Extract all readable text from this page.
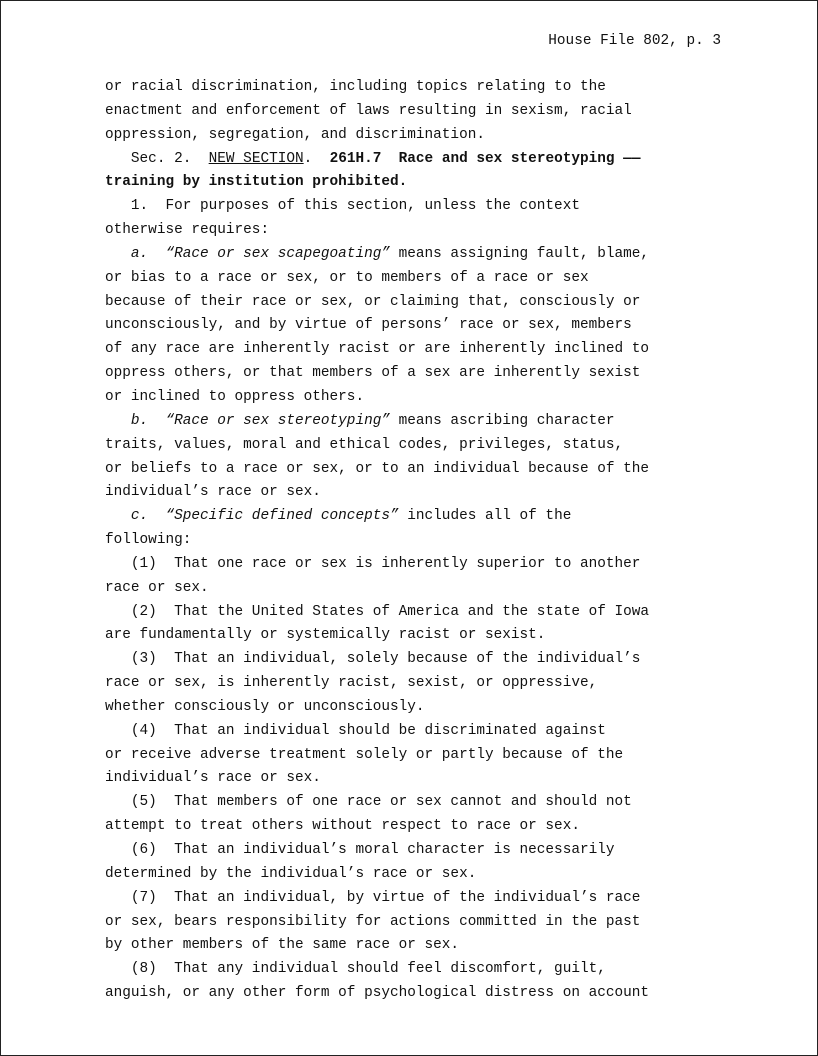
House File 802, p. 3
or racial discrimination, including topics relating to the
enactment and enforcement of laws resulting in sexism, racial
oppression, segregation, and discrimination.
Sec. 2.  NEW SECTION.  261H.7  Race and sex stereotyping ——
training by institution prohibited.
1.  For purposes of this section, unless the context
otherwise requires:
a.  “Race or sex scapegoating” means assigning fault, blame,
or bias to a race or sex, or to members of a race or sex
because of their race or sex, or claiming that, consciously or
unconsciously, and by virtue of persons’ race or sex, members
of any race are inherently racist or are inherently inclined to
oppress others, or that members of a sex are inherently sexist
or inclined to oppress others.
b.  “Race or sex stereotyping” means ascribing character
traits, values, moral and ethical codes, privileges, status,
or beliefs to a race or sex, or to an individual because of the
individual’s race or sex.
c.  “Specific defined concepts” includes all of the
following:
(1)  That one race or sex is inherently superior to another
race or sex.
(2)  That the United States of America and the state of Iowa
are fundamentally or systemically racist or sexist.
(3)  That an individual, solely because of the individual’s
race or sex, is inherently racist, sexist, or oppressive,
whether consciously or unconsciously.
(4)  That an individual should be discriminated against
or receive adverse treatment solely or partly because of the
individual’s race or sex.
(5)  That members of one race or sex cannot and should not
attempt to treat others without respect to race or sex.
(6)  That an individual’s moral character is necessarily
determined by the individual’s race or sex.
(7)  That an individual, by virtue of the individual’s race
or sex, bears responsibility for actions committed in the past
by other members of the same race or sex.
(8)  That any individual should feel discomfort, guilt,
anguish, or any other form of psychological distress on account
